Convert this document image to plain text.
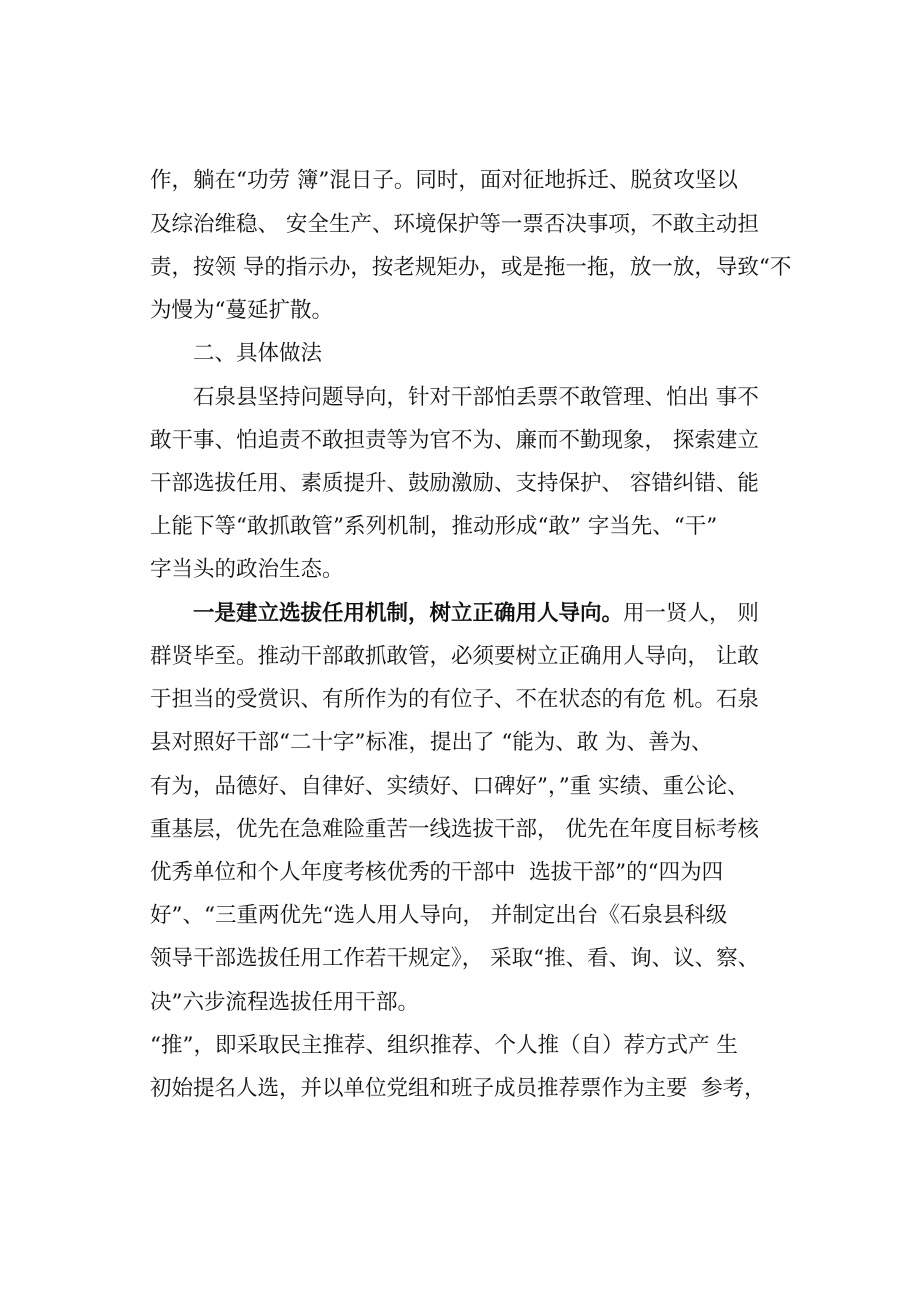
作，躺在“功劳 簿”混日子。同时，面对征地拆迁、脱贫攻坚以
及综治维稳、 安全生产、环境保护等一票否决事项，不敢主动担
责，按领 导的指示办，按老规矩办，或是拖一拖，放一放，导致“不
为慢为“蔓延扩散。
二、具体做法
石泉县坚持问题导向，针对干部怕丢票不敢管理、怕出 事不
敢干事、怕追责不敢担责等为官不为、廉而不勤现象， 探索建立
干部选拔任用、素质提升、鼓励激励、支持保护、 容错纠错、能
上能下等“敢抓敢管”系列机制，推动形成“敢” 字当先、“干”
字当头的政治生态。
一是建立选拔任用机制，树立正确用人导向。用一贤人， 则
群贤毕至。推动干部敢抓敢管，必须要树立正确用人导向， 让敢
于担当的受赏识、有所作为的有位子、不在状态的有危 机。石泉
县对照好干部“二十字”标准，提出了 “能为、敢 为、善为、
有为，品德好、自律好、实绩好、口碑好”，”重 实绩、重公论、
重基层，优先在急难险重苦一线选拔干部， 优先在年度目标考核
优秀单位和个人年度考核优秀的干部中  选拔干部”的“四为四
好”、“三重两优先“选人用人导向， 并制定出台《石泉县科级
领导干部选拔任用工作若干规定》， 采取“推、看、询、议、察、
决”六步流程选拔任用干部。
“推”，即采取民主推荐、组织推荐、个人推（自）荐方式产 生
初始提名人选，并以单位党组和班子成员推荐票作为主要  参考，
